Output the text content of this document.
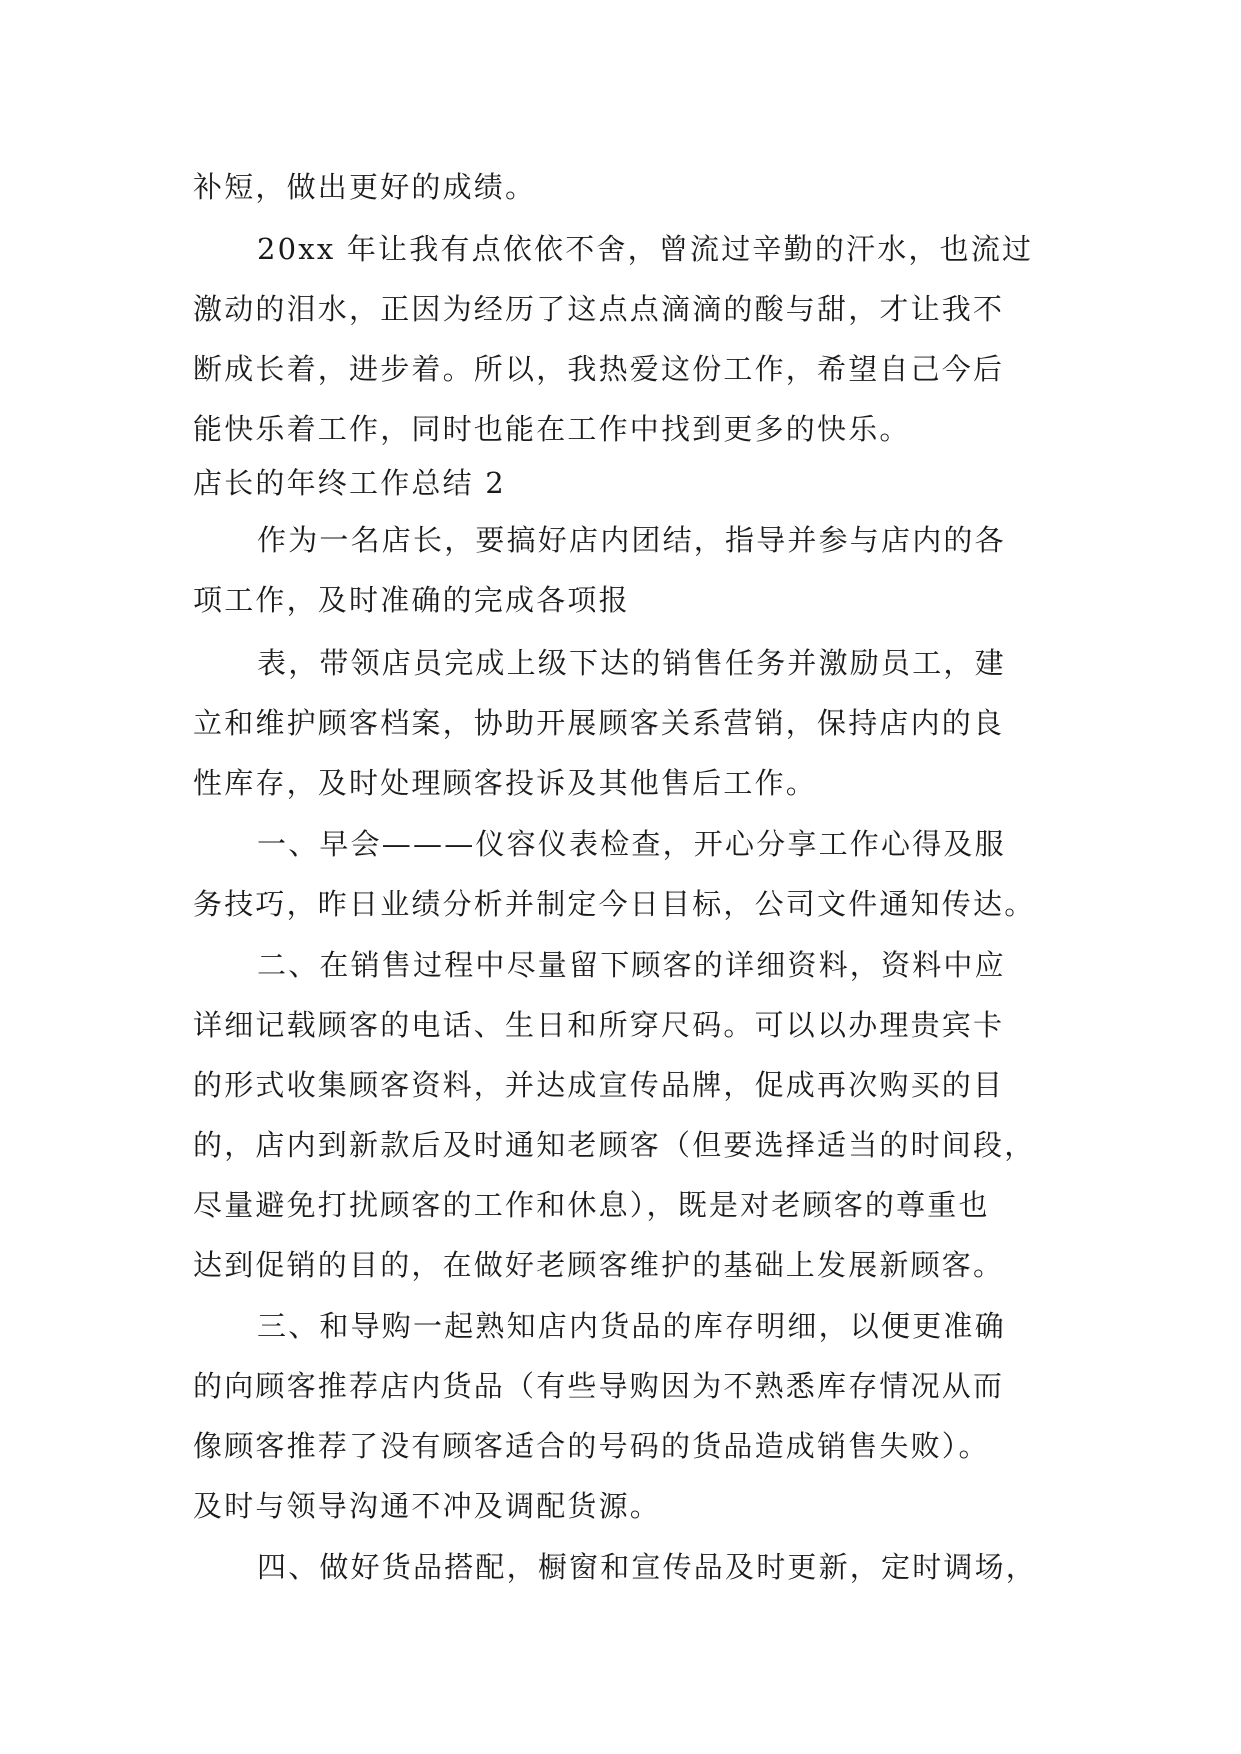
补短，做出更好的成绩。
20xx 年让我有点依依不舍，曾流过辛勤的汗水，也流过
激动的泪水，正因为经历了这点点滴滴的酸与甜，才让我不
断成长着，进步着。所以，我热爱这份工作，希望自己今后
能快乐着工作，同时也能在工作中找到更多的快乐。
店长的年终工作总结 2
作为一名店长，要搞好店内团结，指导并参与店内的各
项工作，及时准确的完成各项报
表，带领店员完成上级下达的销售任务并激励员工，建
立和维护顾客档案，协助开展顾客关系营销，保持店内的良
性库存，及时处理顾客投诉及其他售后工作。
一、早会———仪容仪表检查，开心分享工作心得及服
务技巧，昨日业绩分析并制定今日目标，公司文件通知传达。
二、在销售过程中尽量留下顾客的详细资料，资料中应
详细记载顾客的电话、生日和所穿尺码。可以以办理贵宾卡
的形式收集顾客资料，并达成宣传品牌，促成再次购买的目
的，店内到新款后及时通知老顾客（但要选择适当的时间段，
尽量避免打扰顾客的工作和休息），既是对老顾客的尊重也
达到促销的目的，在做好老顾客维护的基础上发展新顾客。
三、和导购一起熟知店内货品的库存明细，以便更准确
的向顾客推荐店内货品（有些导购因为不熟悉库存情况从而
像顾客推荐了没有顾客适合的号码的货品造成销售失败）。
及时与领导沟通不冲及调配货源。
四、做好货品搭配，橱窗和宣传品及时更新，定时调场，
